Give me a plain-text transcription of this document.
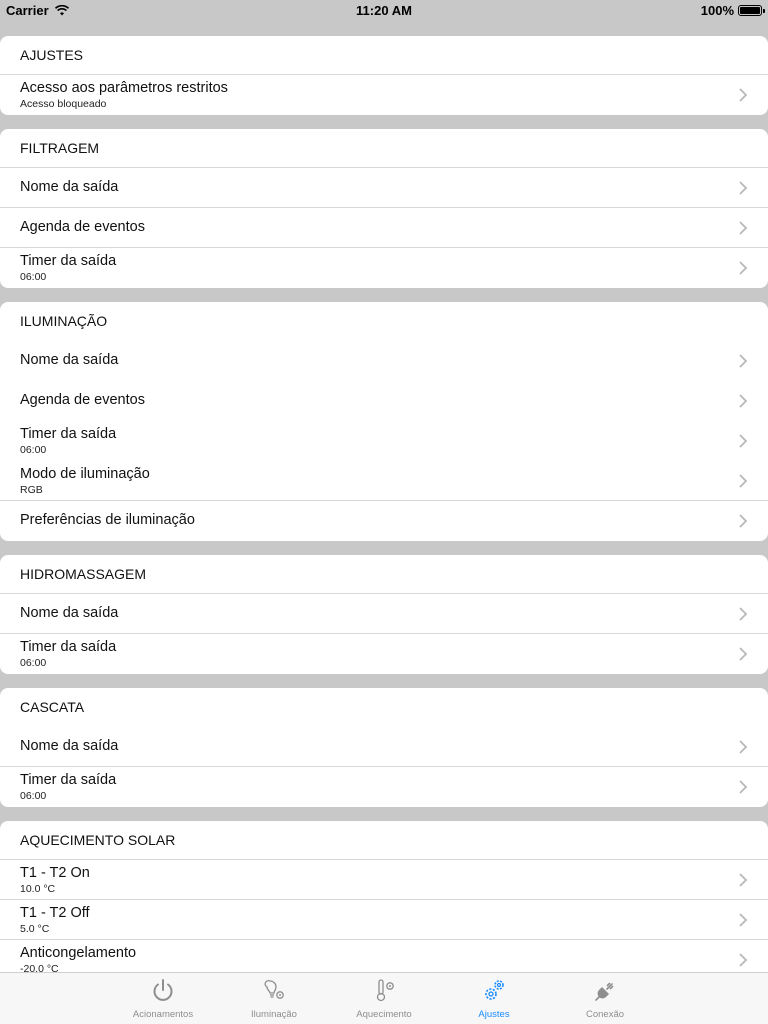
Carrier	11:20 AM	100%
AJUSTES
Acesso aos parâmetros restritos
Acesso bloqueado
FILTRAGEM
Nome da saída
Agenda de eventos
Timer da saída
06:00
ILUMINAÇÃO
Nome da saída
Agenda de eventos
Timer da saída
06:00
Modo de iluminação
RGB
Preferências de iluminação
HIDROMASSAGEM
Nome da saída
Timer da saída
06:00
CASCATA
Nome da saída
Timer da saída
06:00
AQUECIMENTO SOLAR
T1 - T2 On
10.0 °C
T1 - T2 Off
5.0 °C
Anticongelamento
-20.0 °C
Acionamentos	Iluminação	Aquecimento	Ajustes	Conexão
